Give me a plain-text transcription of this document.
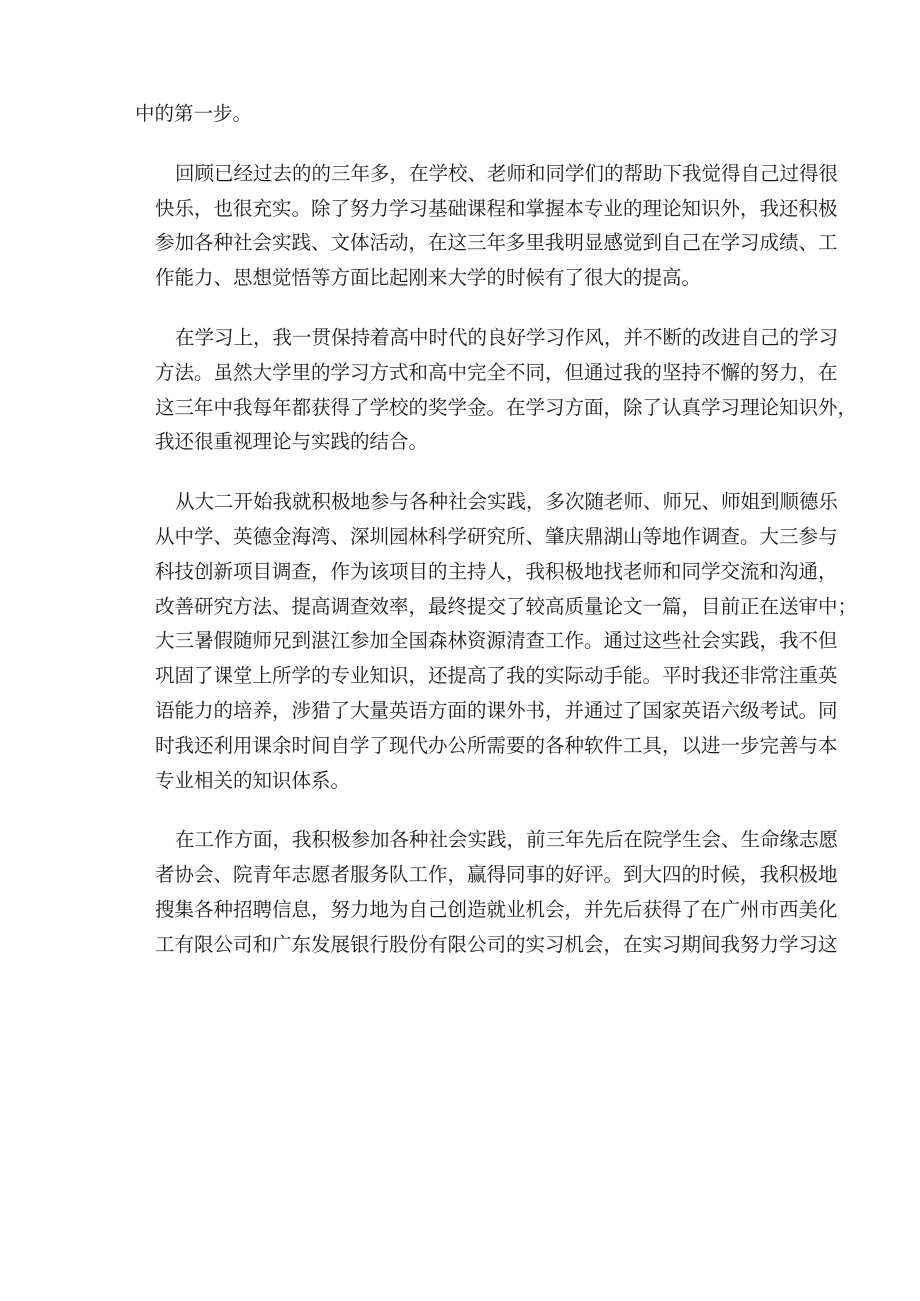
中的第一步。

回顾已经过去的的三年多，在学校、老师和同学们的帮助下我觉得自己过得很
快乐，也很充实。除了努力学习基础课程和掌握本专业的理论知识外，我还积极
参加各种社会实践、文体活动，在这三年多里我明显感觉到自己在学习成绩、工
作能力、思想觉悟等方面比起刚来大学的时候有了很大的提高。

在学习上，我一贯保持着高中时代的良好学习作风，并不断的改进自己的学习
方法。虽然大学里的学习方式和高中完全不同，但通过我的坚持不懈的努力，在
这三年中我每年都获得了学校的奖学金。在学习方面，除了认真学习理论知识外，
我还很重视理论与实践的结合。

从大二开始我就积极地参与各种社会实践，多次随老师、师兄、师姐到顺德乐
从中学、英德金海湾、深圳园林科学研究所、肇庆鼎湖山等地作调查。大三参与
科技创新项目调查，作为该项目的主持人，我积极地找老师和同学交流和沟通，
改善研究方法、提高调查效率，最终提交了较高质量论文一篇，目前正在送审中；
大三暑假随师兄到湛江参加全国森林资源清查工作。通过这些社会实践，我不但
巩固了课堂上所学的专业知识，还提高了我的实际动手能。平时我还非常注重英
语能力的培养，涉猎了大量英语方面的课外书，并通过了国家英语六级考试。同
时我还利用课余时间自学了现代办公所需要的各种软件工具，以进一步完善与本
专业相关的知识体系。

在工作方面，我积极参加各种社会实践，前三年先后在院学生会、生命缘志愿
者协会、院青年志愿者服务队工作，赢得同事的好评。到大四的时候，我积极地
搜集各种招聘信息，努力地为自己创造就业机会，并先后获得了在广州市西美化
工有限公司和广东发展银行股份有限公司的实习机会，在实习期间我努力学习这
